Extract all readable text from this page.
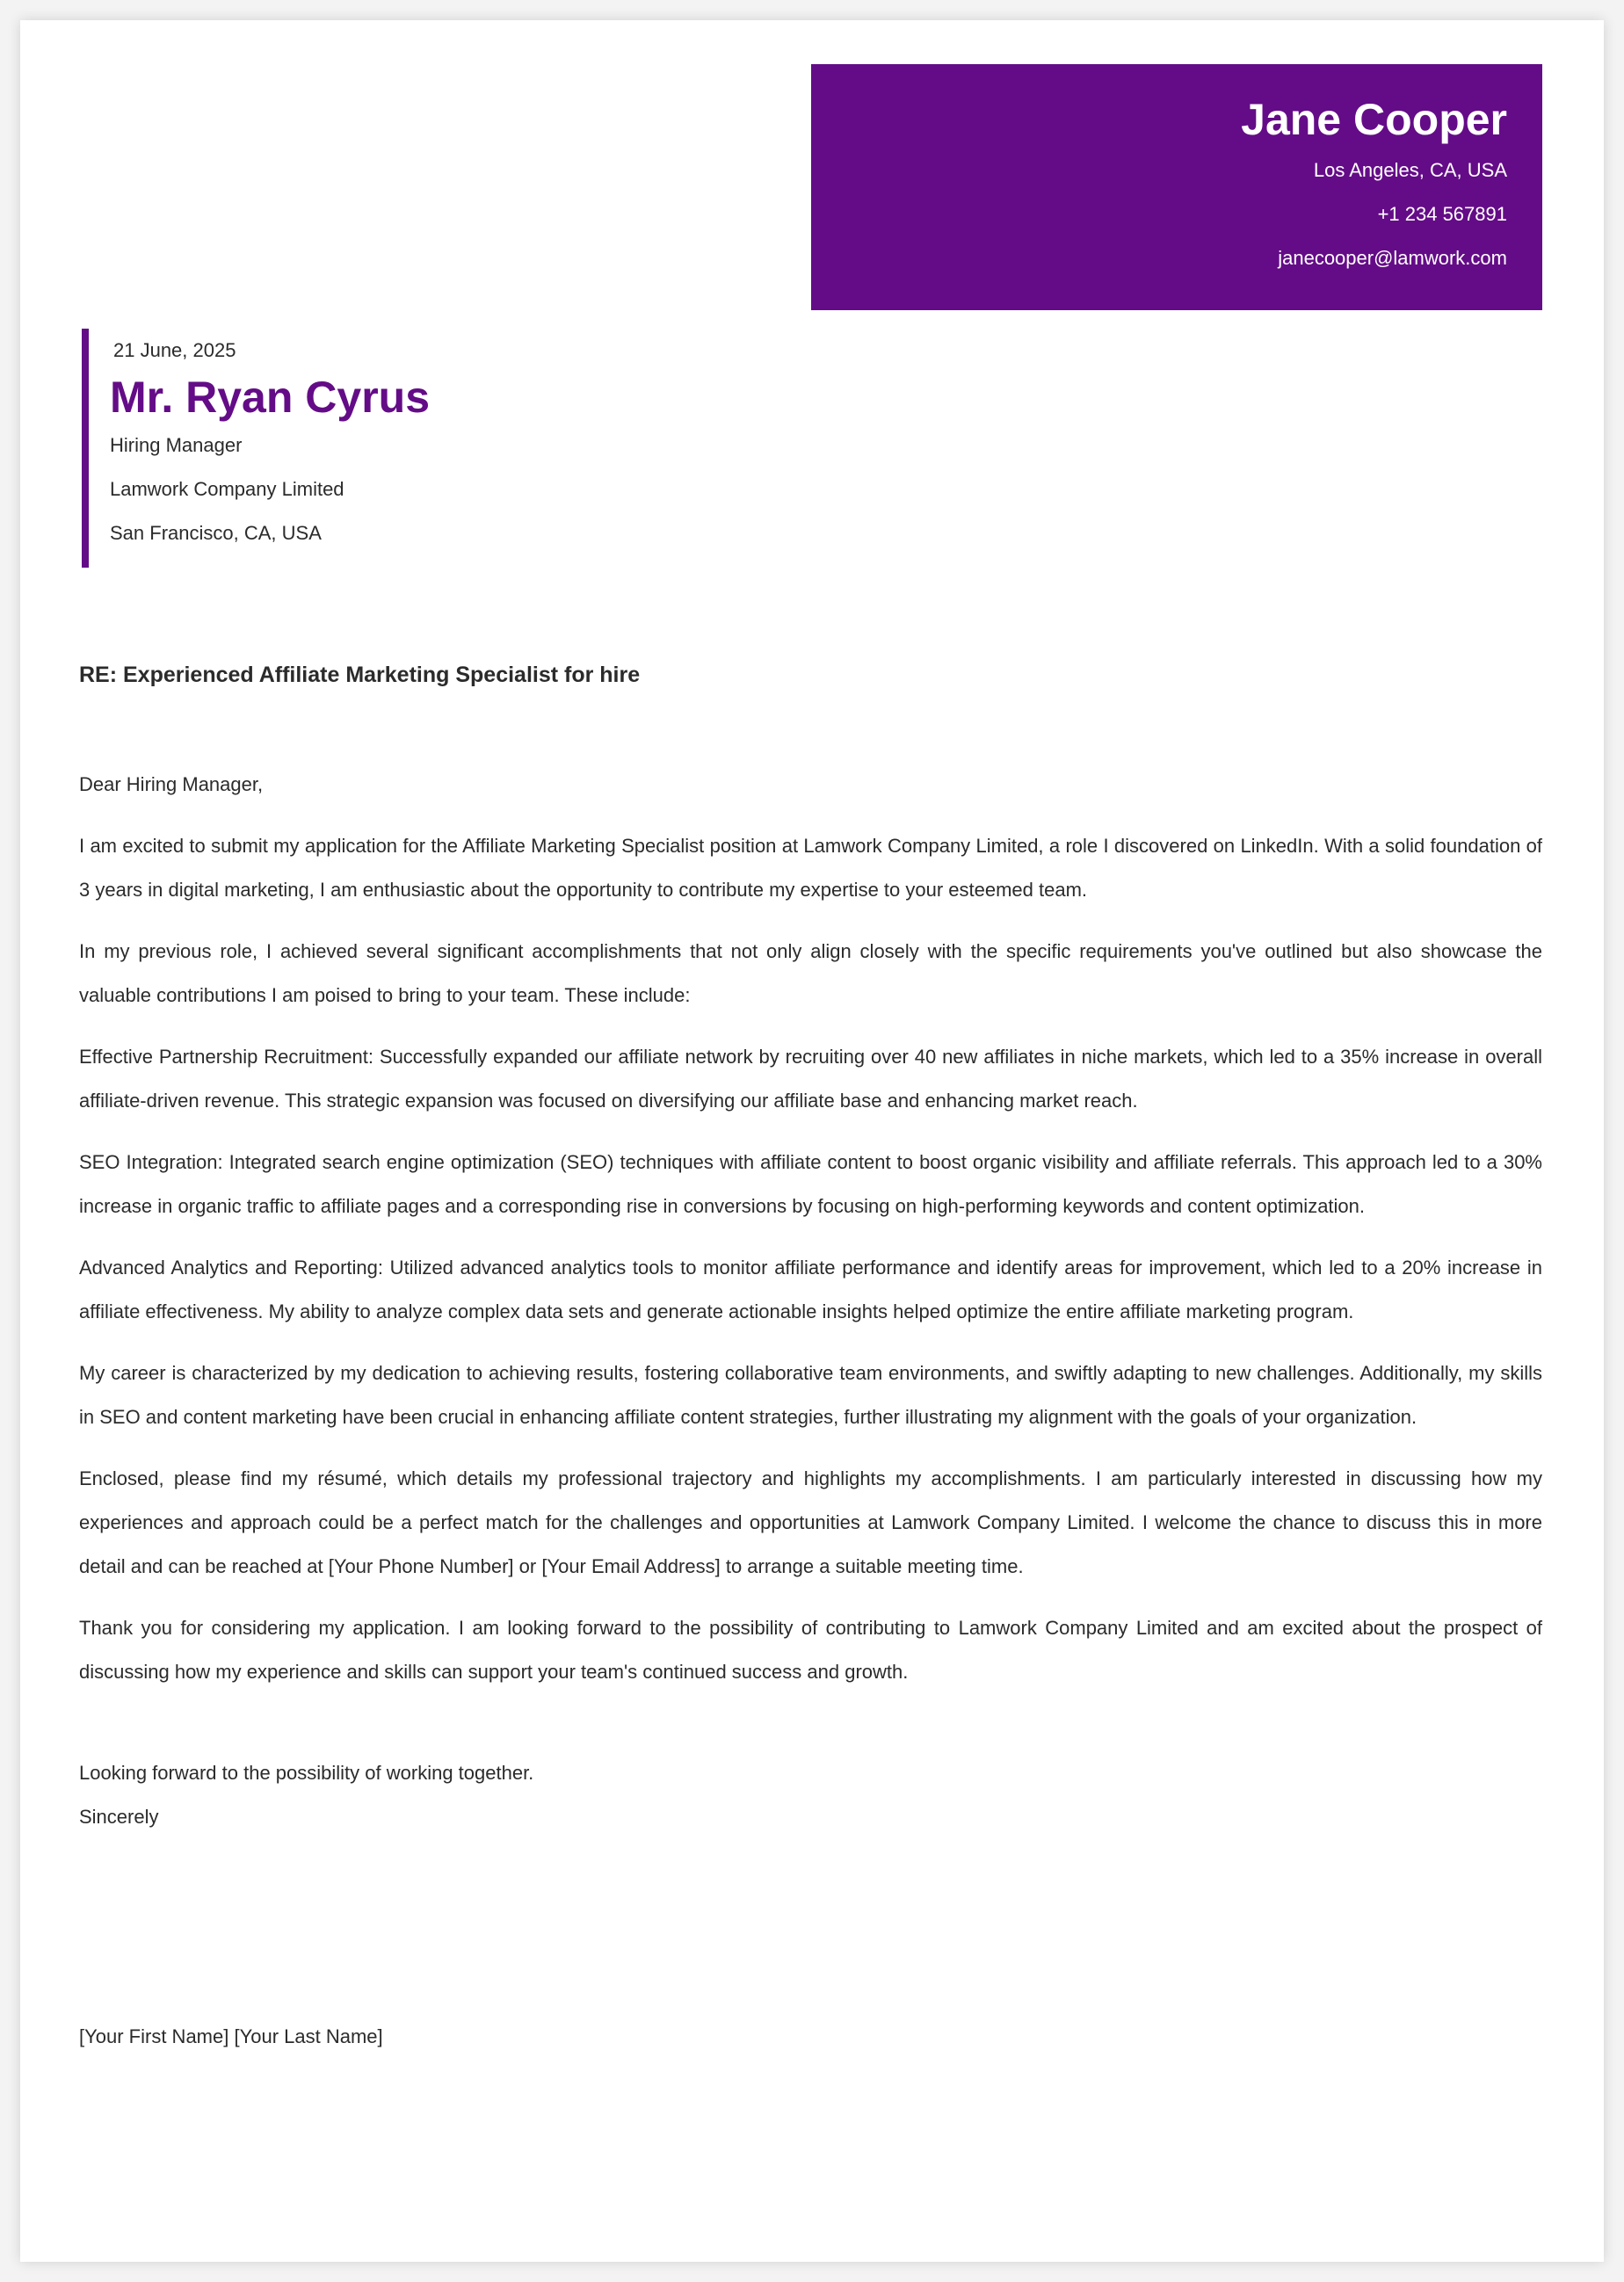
Jane Cooper
Los Angeles, CA, USA
+1 234 567891
janecooper@lamwork.com
21 June, 2025
Mr. Ryan Cyrus
Hiring Manager
Lamwork Company Limited
San Francisco, CA, USA
RE: Experienced Affiliate Marketing Specialist for hire

Dear Hiring Manager,

I am excited to submit my application for the Affiliate Marketing Specialist position at Lamwork Company Limited, a role I discovered on LinkedIn. With a solid foundation of 3 years in digital marketing, I am enthusiastic about the opportunity to contribute my expertise to your esteemed team.

In my previous role, I achieved several significant accomplishments that not only align closely with the specific requirements you've outlined but also showcase the valuable contributions I am poised to bring to your team. These include:

Effective Partnership Recruitment: Successfully expanded our affiliate network by recruiting over 40 new affiliates in niche markets, which led to a 35% increase in overall affiliate-driven revenue. This strategic expansion was focused on diversifying our affiliate base and enhancing market reach.

SEO Integration: Integrated search engine optimization (SEO) techniques with affiliate content to boost organic visibility and affiliate referrals. This approach led to a 30% increase in organic traffic to affiliate pages and a corresponding rise in conversions by focusing on high-performing keywords and content optimization.

Advanced Analytics and Reporting: Utilized advanced analytics tools to monitor affiliate performance and identify areas for improvement, which led to a 20% increase in affiliate effectiveness. My ability to analyze complex data sets and generate actionable insights helped optimize the entire affiliate marketing program.

My career is characterized by my dedication to achieving results, fostering collaborative team environments, and swiftly adapting to new challenges. Additionally, my skills in SEO and content marketing have been crucial in enhancing affiliate content strategies, further illustrating my alignment with the goals of your organization.

Enclosed, please find my résumé, which details my professional trajectory and highlights my accomplishments. I am particularly interested in discussing how my experiences and approach could be a perfect match for the challenges and opportunities at Lamwork Company Limited. I welcome the chance to discuss this in more detail and can be reached at [Your Phone Number] or [Your Email Address] to arrange a suitable meeting time.

Thank you for considering my application. I am looking forward to the possibility of contributing to Lamwork Company Limited and am excited about the prospect of discussing how my experience and skills can support your team's continued success and growth.

Looking forward to the possibility of working together.
Sincerely
[Your First Name] [Your Last Name]
